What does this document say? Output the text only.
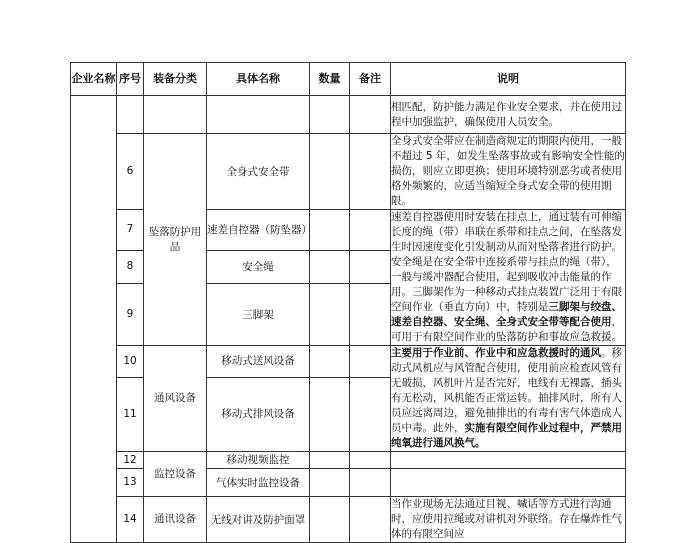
企业名称	序号	装备分类	具体名称	数量	备注	说明
						相匹配，防护能力满足作业安全要求，并在使用过程中加强监护，确保使用人员安全。
	6	坠落防护用品	全身式安全带			全身式安全带应在制造商规定的期限内使用，一般不超过 5 年，如发生坠落事故或有影响安全性能的损伤，则应立即更换；使用环境特别恶劣或者使用格外频繁的，应适当缩短全身式安全带的使用期限。
	7		速差自控器（防坠器）			速差自控器使用时安装在挂点上，通过装有可伸缩长度的绳（带）串联在系带和挂点之间，在坠落发生时因速度变化引发制动从而对坠落者进行防护。安全绳是在安全带中连接系带与挂点的绳（带），一般与缓冲器配合使用，起到吸收冲击能量的作用。三脚架作为一种移动式挂点装置广泛用于有限空间作业（垂直方向）中，特别是三脚架与绞盘、速差自控器、安全绳、全身式安全带等配合使用，可用于有限空间作业的坠落防护和事故应急救援。
	8		安全绳			
	9		三脚架			
	10	通风设备	移动式送风设备			主要用于作业前、作业中和应急救援时的通风。移动式风机应与风管配合使用，使用前应检查风管有无破损，风机叶片是否完好，电线有无裸露，插头有无松动，风机能否正常运转。抽排风时，所有人员应远离周边，避免抽排出的有毒有害气体造成人员中毒。此外，实施有限空间作业过程中，严禁用纯氧进行通风换气。
	11		移动式排风设备			
	12	监控设备	移动视频监控			
	13		气体实时监控设备			
	14	通讯设备	无线对讲及防护面罩			当作业现场无法通过目视、喊话等方式进行沟通时，应使用拉绳或对讲机对外联络。存在爆炸性气体的有限空间应
